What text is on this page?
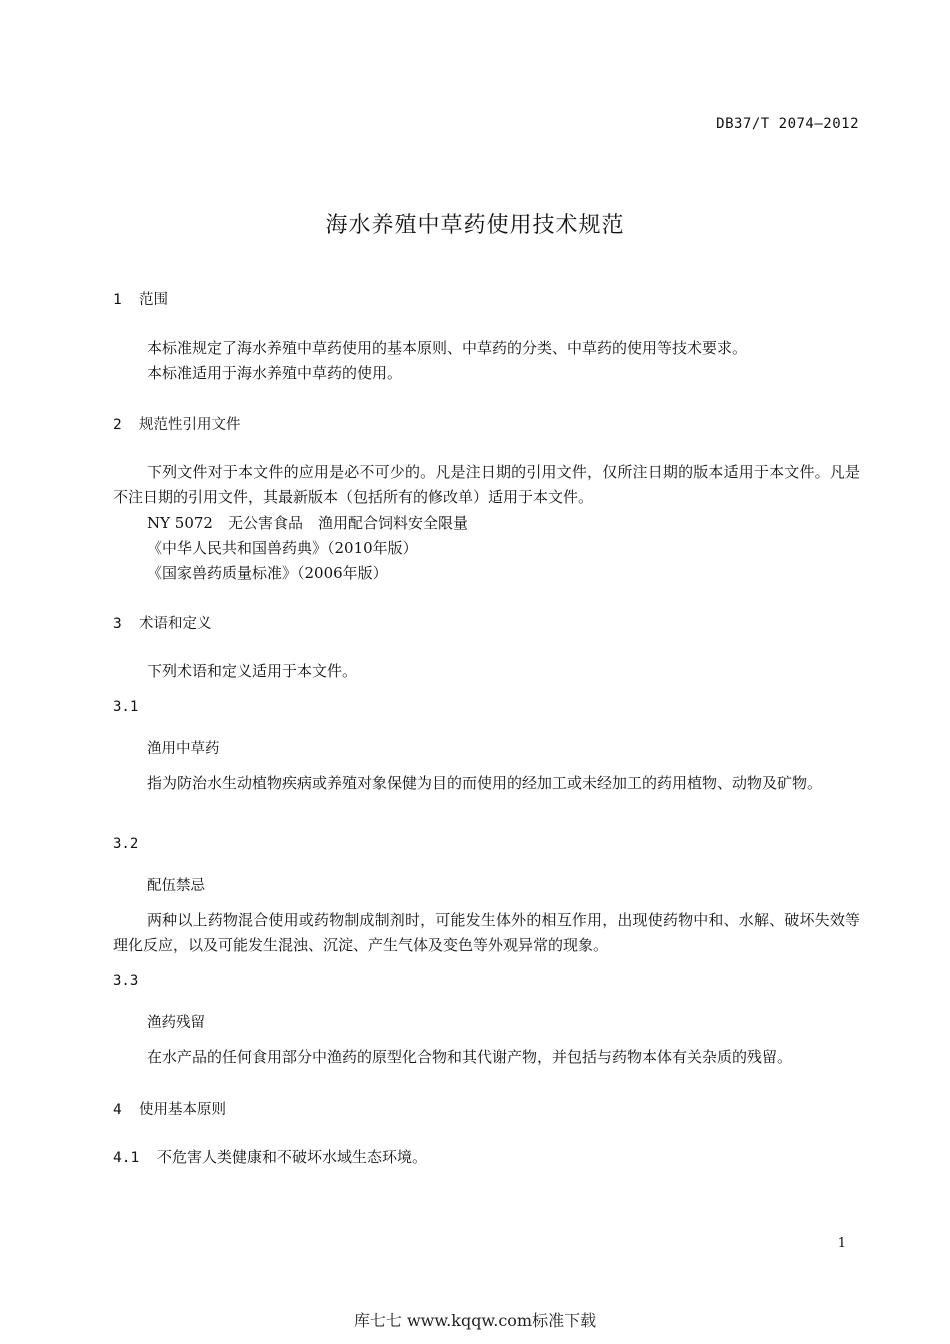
DB37/T 2074—2012
海水养殖中草药使用技术规范
1 范围

本标准规定了海水养殖中草药使用的基本原则、中草药的分类、中草药的使用等技术要求。

本标准适用于海水养殖中草药的使用。

2 规范性引用文件

下列文件对于本文件的应用是必不可少的。凡是注日期的引用文件，仅所注日期的版本适用于本文件。凡是不注日期的引用文件，其最新版本（包括所有的修改单）适用于本文件。

NY 5072　无公害食品　渔用配合饲料安全限量
《中华人民共和国兽药典》（2010年版）
《国家兽药质量标准》（2006年版）
3 术语和定义

下列术语和定义适用于本文件。

3.1
渔用中草药

指为防治水生动植物疾病或养殖对象保健为目的而使用的经加工或未经加工的药用植物、动物及矿物。

3.2
配伍禁忌

两种以上药物混合使用或药物制成制剂时，可能发生体外的相互作用，出现使药物中和、水解、破坏失效等理化反应，以及可能发生混浊、沉淀、产生气体及变色等外观异常的现象。

3.3
渔药残留

在水产品的任何食用部分中渔药的原型化合物和其代谢产物，并包括与药物本体有关杂质的残留。

4 使用基本原则
4.1 不危害人类健康和不破坏水域生态环境。
1
库七七 www.kqqw.com标准下载
